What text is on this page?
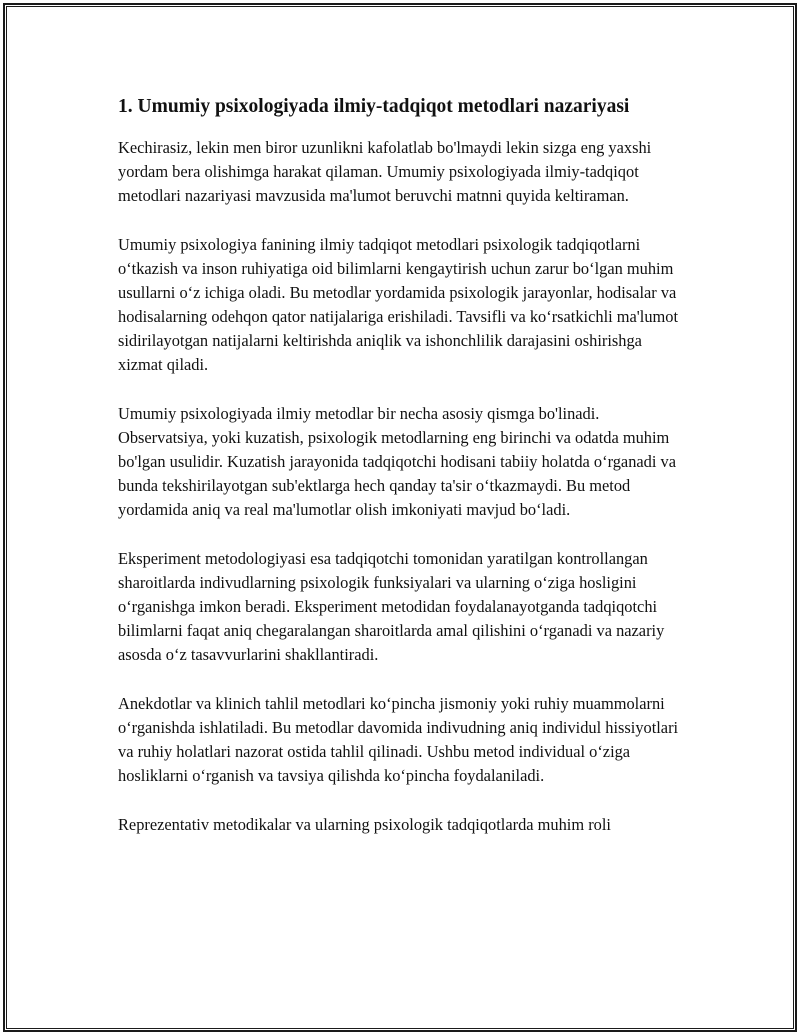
1. Umumiy psixologiyada ilmiy-tadqiqot metodlari nazariyasi

Kechirasiz, lekin men biror uzunlikni kafolatlab bo'lmaydi lekin sizga eng yaxshi yordam bera olishimga harakat qilaman. Umumiy psixologiyada ilmiy-tadqiqot metodlari nazariyasi mavzusida ma'lumot beruvchi matnni quyida keltiraman.

Umumiy psixologiya fanining ilmiy tadqiqot metodlari psixologik tadqiqotlarni oʻtkazish va inson ruhiyatiga oid bilimlarni kengaytirish uchun zarur boʻlgan muhim usullarni oʻz ichiga oladi. Bu metodlar yordamida psixologik jarayonlar, hodisalar va hodisalarning odehqon qator natijalariga erishiladi. Tavsifli va koʻrsatkichli ma'lumot sidirilayotgan natijalarni keltirishda aniqlik va ishonchlilik darajasini oshirishga xizmat qiladi.

Umumiy psixologiyada ilmiy metodlar bir necha asosiy qismga bo'linadi. Observatsiya, yoki kuzatish, psixologik metodlarning eng birinchi va odatda muhim bo'lgan usulidir. Kuzatish jarayonida tadqiqotchi hodisani tabiiy holatda oʻrganadi va bunda tekshirilayotgan sub'ektlarga hech qanday ta'sir oʻtkazmaydi. Bu metod yordamida aniq va real ma'lumotlar olish imkoniyati mavjud boʻladi.

Eksperiment metodologiyasi esa tadqiqotchi tomonidan yaratilgan kontrollangan sharoitlarda indivudlarning psixologik funksiyalari va ularning oʻziga hosligini oʻrganishga imkon beradi. Eksperiment metodidan foydalanayotganda tadqiqotchi bilimlarni faqat aniq chegaralangan sharoitlarda amal qilishini oʻrganadi va nazariy asosda oʻz tasavvurlarini shakllantiradi.

Anekdotlar va klinich tahlil metodlari koʻpincha jismoniy yoki ruhiy muammolarni oʻrganishda ishlatiladi. Bu metodlar davomida indivudning aniq individul hissiyotlari va ruhiy holatlari nazorat ostida tahlil qilinadi. Ushbu metod individual oʻziga hosliklarni oʻrganish va tavsiya qilishda koʻpincha foydalaniladi.

Reprezentativ metodikalar va ularning psixologik tadqiqotlarda muhim roli
